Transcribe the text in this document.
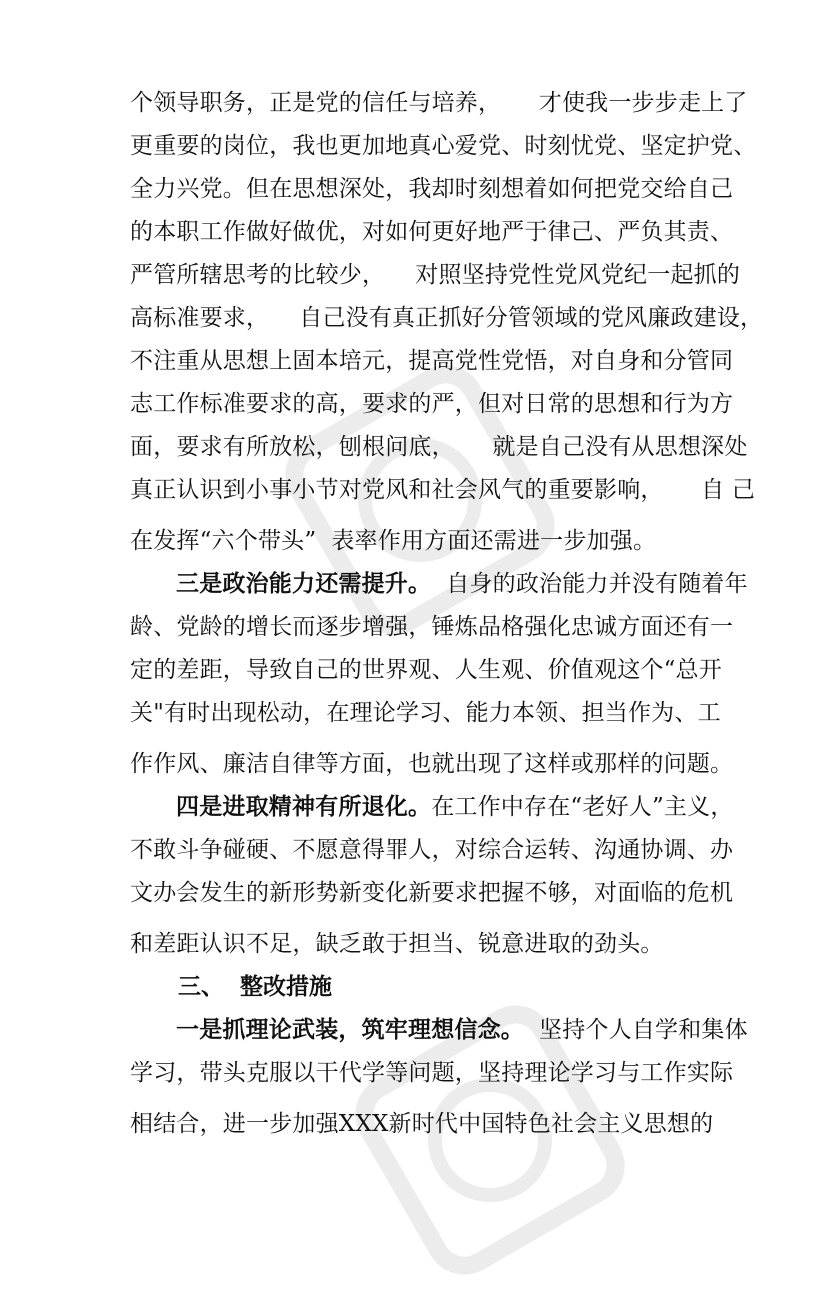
个领导职务，正是党的信任与培养，     才使我一步步走上了
更重要的岗位，我也更加地真心爱党、时刻忧党、坚定护党、
全力兴党。但在思想深处，我却时刻想着如何把党交给自己
的本职工作做好做优，对如何更好地严于律己、严负其责、
严管所辖思考的比较少，    对照坚持党性党风党纪一起抓的
高标准要求，    自己没有真正抓好分管领域的党风廉政建设，
不注重从思想上固本培元，提高党性党悟，对自身和分管同
志工作标准要求的高，要求的严，但对日常的思想和行为方
面，要求有所放松，刨根问底，     就是自己没有从思想深处
真正认识到小事小节对党风和社会风气的重要影响，     自 己
在发挥“六个带头”  表率作用方面还需进一步加强。
三是政治能力还需提升。  自身的政治能力并没有随着年
龄、党龄的增长而逐步增强，锤炼品格强化忠诚方面还有一
定的差距，导致自己的世界观、人生观、价值观这个“总开
关"有时出现松动，在理论学习、能力本领、担当作为、工
作作风、廉洁自律等方面，也就出现了这样或那样的问题。
四是进取精神有所退化。在工作中存在“老好人”主义，
不敢斗争碰硬、不愿意得罪人，对综合运转、沟通协调、办
文办会发生的新形势新变化新要求把握不够，对面临的危机
和差距认识不足，缺乏敢于担当、锐意进取的劲头。
三、  整改措施
一是抓理论武装，筑牢理想信念。  坚持个人自学和集体
学习，带头克服以干代学等问题，坚持理论学习与工作实际
相结合，进一步加强XXX新时代中国特色社会主义思想的
